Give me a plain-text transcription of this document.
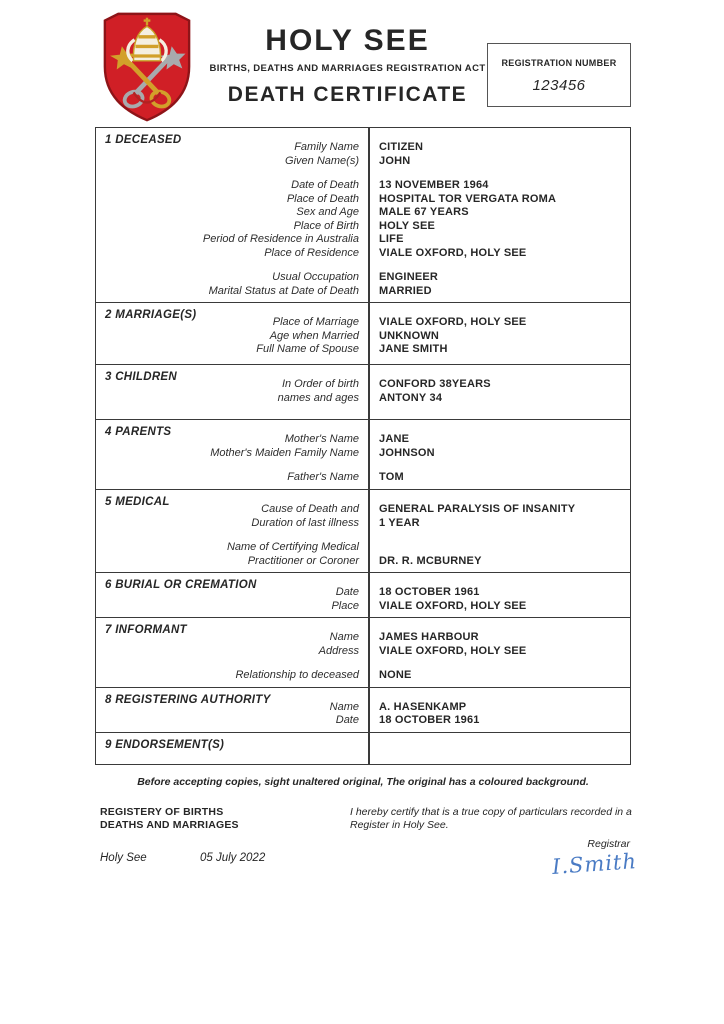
HOLY SEE
BIRTHS, DEATHS AND MARRIAGES REGISTRATION ACT
DEATH CERTIFICATE
REGISTRATION NUMBER
123456
1 DECEASED
Family Name	CITIZEN
Given Name(s)	JOHN
Date of Death	13 NOVEMBER 1964
Place of Death	HOSPITAL TOR VERGATA ROMA
Sex and Age	MALE 67 YEARS
Place of Birth	HOLY SEE
Period of Residence in Australia	LIFE
Place of Residence	VIALE OXFORD, HOLY SEE
Usual Occupation	ENGINEER
Marital Status at Date of Death	MARRIED
2 MARRIAGE(S)
Place of Marriage	VIALE OXFORD, HOLY SEE
Age when Married	UNKNOWN
Full Name of Spouse	JANE SMITH
3 CHILDREN
In Order of birth	CONFORD 38YEARS
names and ages	ANTONY 34
4 PARENTS
Mother's Name	JANE
Mother's Maiden Family Name	JOHNSON
Father's Name	TOM
5 MEDICAL
Cause of Death and	GENERAL PARALYSIS OF INSANITY
Duration of last illness	1 YEAR
Name of Certifying Medical
Practitioner or Coroner	DR. R. MCBURNEY
6 BURIAL OR CREMATION
Date	18 OCTOBER 1961
Place	VIALE OXFORD, HOLY SEE
7 INFORMANT
Name	JAMES HARBOUR
Address	VIALE OXFORD, HOLY SEE
Relationship to deceased	NONE
8 REGISTERING AUTHORITY
Name	A. HASENKAMP
Date	18 OCTOBER 1961
9 ENDORSEMENT(S)
Before accepting copies, sight unaltered original, The original has a coloured background.
REGISTERY OF BIRTHS
DEATHS AND MARRIAGES
I hereby certify that is a true copy of particulars recorded in a Register in Holy See.
Registrar
Holy See	05 July 2022	I.Smith
